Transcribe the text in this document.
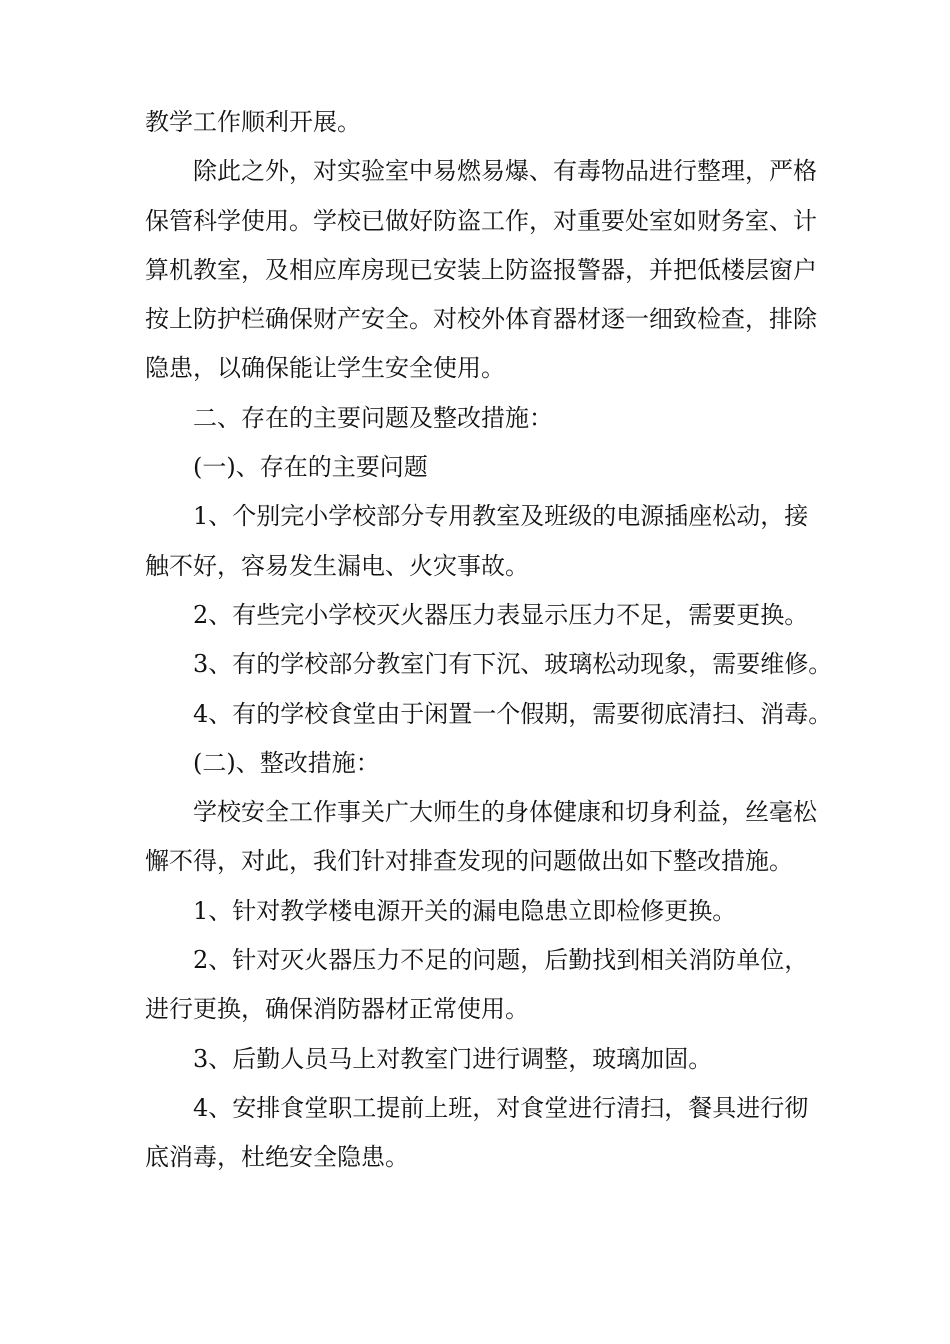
教学工作顺利开展。
除此之外，对实验室中易燃易爆、有毒物品进行整理，严格
保管科学使用。学校已做好防盗工作，对重要处室如财务室、计
算机教室，及相应库房现已安装上防盗报警器，并把低楼层窗户
按上防护栏确保财产安全。对校外体育器材逐一细致检查，排除
隐患，以确保能让学生安全使用。
二、存在的主要问题及整改措施：
(一)、存在的主要问题
1、个别完小学校部分专用教室及班级的电源插座松动，接
触不好，容易发生漏电、火灾事故。
2、有些完小学校灭火器压力表显示压力不足，需要更换。
3、有的学校部分教室门有下沉、玻璃松动现象，需要维修。
4、有的学校食堂由于闲置一个假期，需要彻底清扫、消毒。
(二)、整改措施：
学校安全工作事关广大师生的身体健康和切身利益，丝毫松
懈不得，对此，我们针对排查发现的问题做出如下整改措施。
1、针对教学楼电源开关的漏电隐患立即检修更换。
2、针对灭火器压力不足的问题，后勤找到相关消防单位，
进行更换，确保消防器材正常使用。
3、后勤人员马上对教室门进行调整，玻璃加固。
4、安排食堂职工提前上班，对食堂进行清扫，餐具进行彻
底消毒，杜绝安全隐患。
